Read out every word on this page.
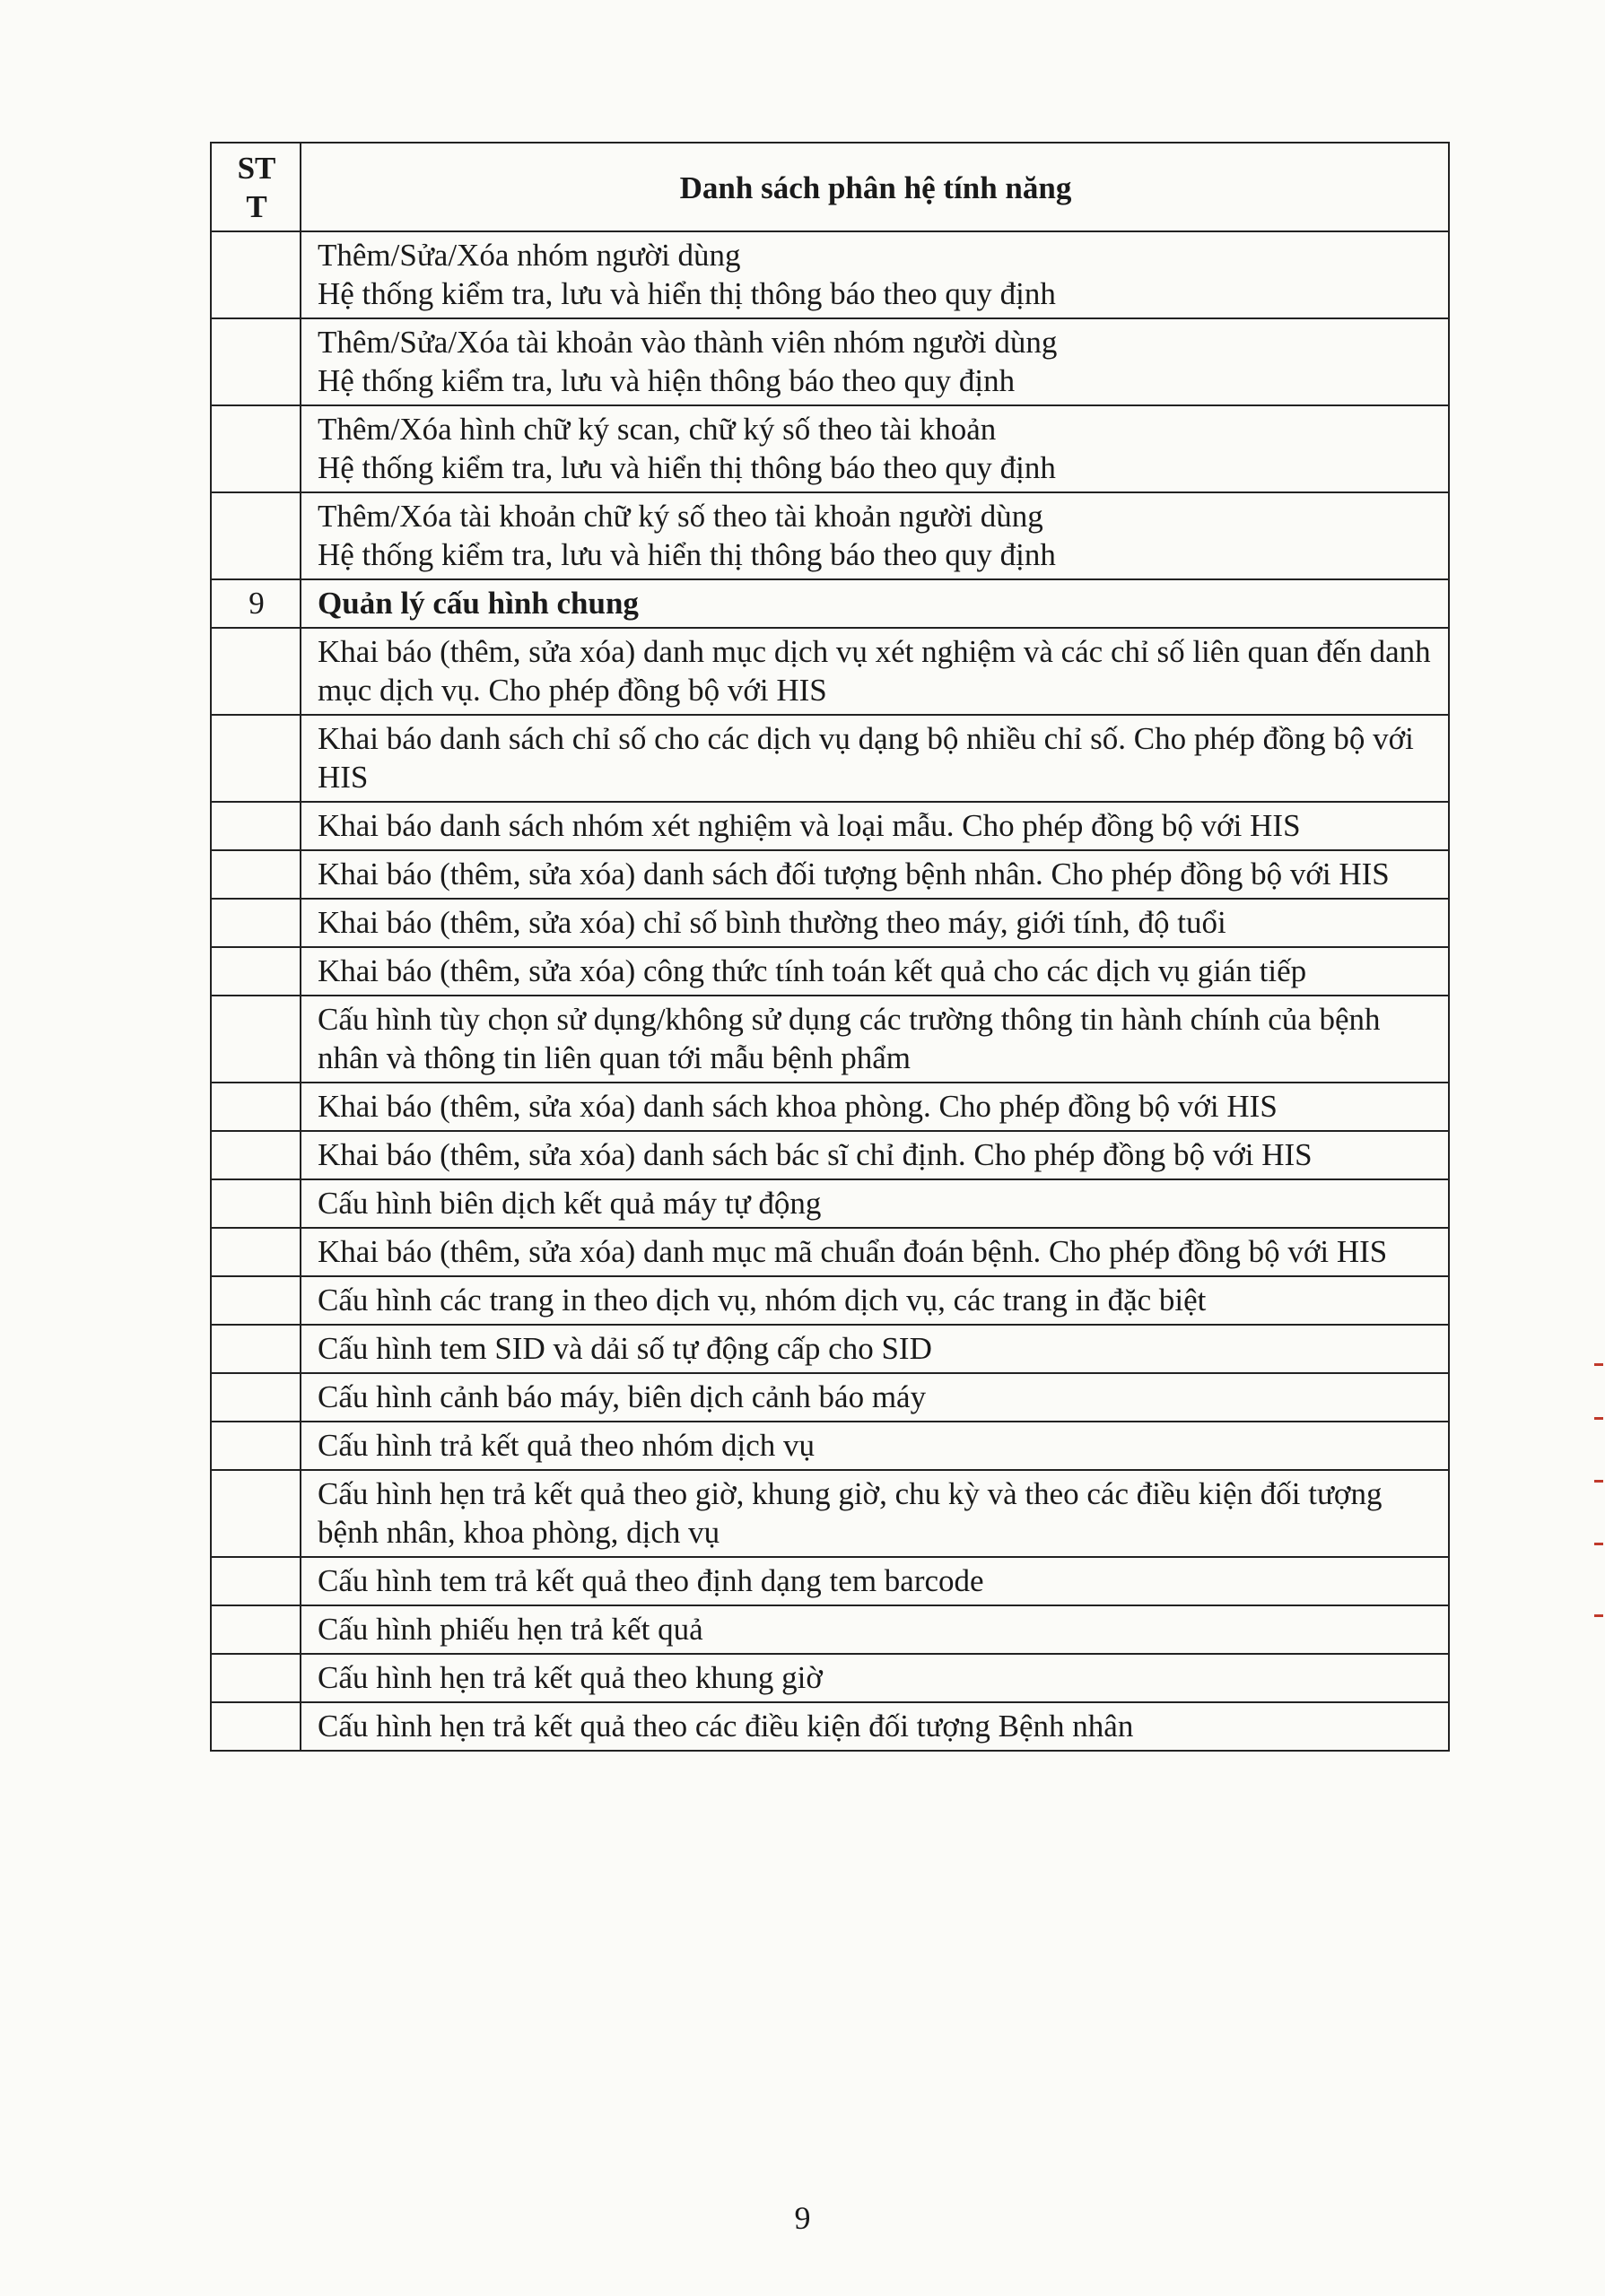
STT	Danh sách phân hệ tính năng

	Thêm/Sửa/Xóa nhóm người dùng
Hệ thống kiểm tra, lưu và hiển thị thông báo theo quy định

	Thêm/Sửa/Xóa tài khoản vào thành viên nhóm người dùng
Hệ thống kiểm tra, lưu và hiện thông báo theo quy định

	Thêm/Xóa hình chữ ký scan, chữ ký số theo tài khoản
Hệ thống kiểm tra, lưu và hiển thị thông báo theo quy định

	Thêm/Xóa tài khoản chữ ký số theo tài khoản người dùng
Hệ thống kiểm tra, lưu và hiển thị thông báo theo quy định

9	Quản lý cấu hình chung

	Khai báo (thêm, sửa xóa) danh mục dịch vụ xét nghiệm và các chỉ số liên quan đến danh mục dịch vụ. Cho phép đồng bộ với HIS

	Khai báo danh sách chỉ số cho các dịch vụ dạng bộ nhiều chỉ số. Cho phép đồng bộ với HIS

	Khai báo danh sách nhóm xét nghiệm và loại mẫu. Cho phép đồng bộ với HIS

	Khai báo (thêm, sửa xóa) danh sách đối tượng bệnh nhân. Cho phép đồng bộ với HIS

	Khai báo (thêm, sửa xóa) chỉ số bình thường theo máy, giới tính, độ tuổi

	Khai báo (thêm, sửa xóa) công thức tính toán kết quả cho các dịch vụ gián tiếp

	Cấu hình tùy chọn sử dụng/không sử dụng các trường thông tin hành chính của bệnh nhân và thông tin liên quan tới mẫu bệnh phẩm

	Khai báo (thêm, sửa xóa) danh sách khoa phòng. Cho phép đồng bộ với HIS

	Khai báo (thêm, sửa xóa) danh sách bác sĩ chỉ định. Cho phép đồng bộ với HIS

	Cấu hình biên dịch kết quả máy tự động

	Khai báo (thêm, sửa xóa) danh mục mã chuẩn đoán bệnh. Cho phép đồng bộ với HIS

	Cấu hình các trang in theo dịch vụ, nhóm dịch vụ, các trang in đặc biệt

	Cấu hình tem SID và dải số tự động cấp cho SID

	Cấu hình cảnh báo máy, biên dịch cảnh báo máy

	Cấu hình trả kết quả theo nhóm dịch vụ

	Cấu hình hẹn trả kết quả theo giờ, khung giờ, chu kỳ và theo các điều kiện đối tượng bệnh nhân, khoa phòng, dịch vụ

	Cấu hình tem trả kết quả theo định dạng tem barcode

	Cấu hình phiếu hẹn trả kết quả

	Cấu hình hẹn trả kết quả theo khung giờ

	Cấu hình hẹn trả kết quả theo các điều kiện đối tượng Bệnh nhân
9
